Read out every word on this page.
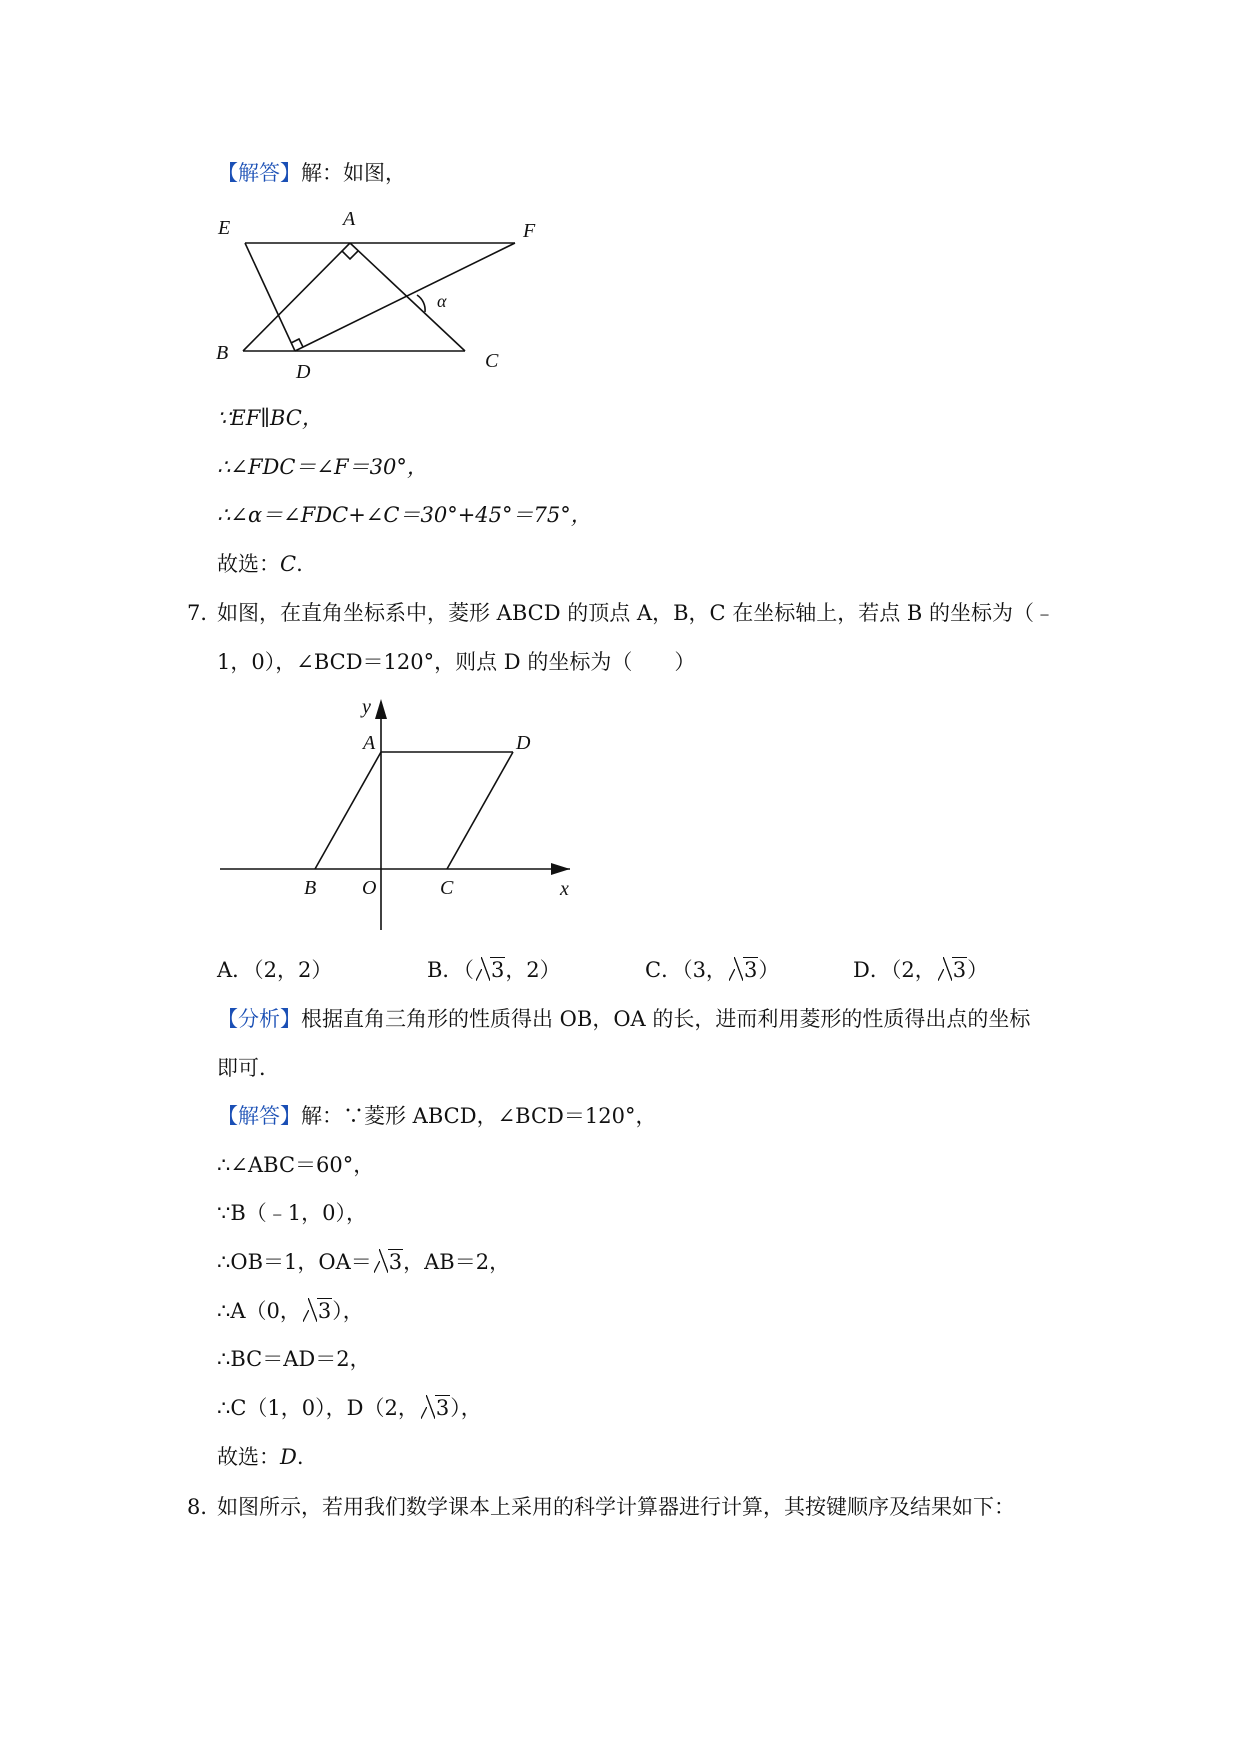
【解答】解：如图，
E	A
F
B
D	C
α
∵EF∥BC，
∴∠FDC＝∠F＝30°，
∴∠α＝∠FDC+∠C＝30°+45°＝75°，
故选：C.
7．
如图，在直角坐标系中，菱形 ABCD 的顶点 A，B，C 在坐标轴上，若点 B 的坐标为（﹣
1，0），∠BCD＝120°，则点 D 的坐标为（　　）
y
A	D
B O	C	x
A．（2，2）	B．（ 3，2）	C．（3， 3）	D．（2， 3）
【分析】根据直角三角形的性质得出 OB，OA 的长，进而利用菱形的性质得出点的坐标
即可．
【解答】解：∵菱形 ABCD，∠BCD＝120°，
∴∠ABC＝60°，
∵B（﹣1，0），
∴OB＝1，OA＝ 3，AB＝2，
∴A（0， 3），
∴BC＝AD＝2，
∴C（1，0），D（2， 3），
故选：D.
8．
如图所示，若用我们数学课本上采用的科学计算器进行计算，其按键顺序及结果如下：
